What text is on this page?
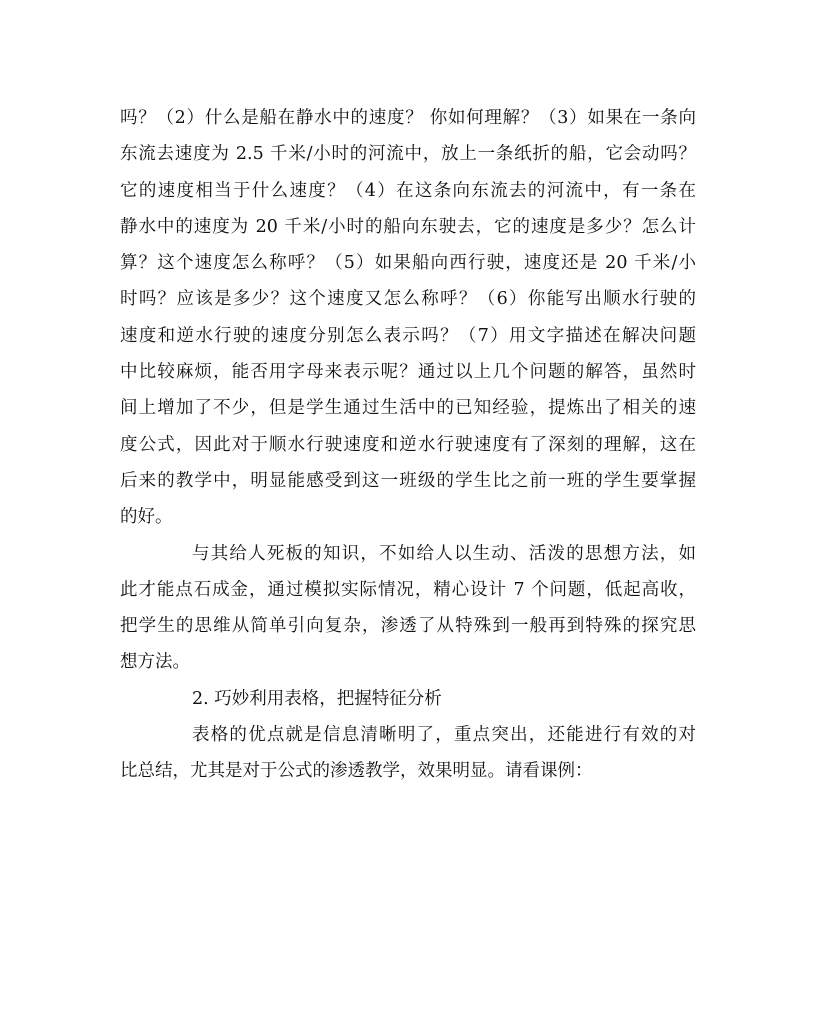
吗？（2）什么是船在静水中的速度？ 你如何理解？（3）如果在一条向
东流去速度为 2.5 千米/小时的河流中，放上一条纸折的船，它会动吗？
它的速度相当于什么速度？（4）在这条向东流去的河流中，有一条在
静水中的速度为 20 千米/小时的船向东驶去，它的速度是多少？怎么计
算？这个速度怎么称呼？（5）如果船向西行驶，速度还是 20 千米/小
时吗？应该是多少？这个速度又怎么称呼？（6）你能写出顺水行驶的
速度和逆水行驶的速度分别怎么表示吗？（7）用文字描述在解决问题
中比较麻烦，能否用字母来表示呢？通过以上几个问题的解答，虽然时
间上增加了不少，但是学生通过生活中的已知经验，提炼出了相关的速
度公式，因此对于顺水行驶速度和逆水行驶速度有了深刻的理解，这在
后来的教学中，明显能感受到这一班级的学生比之前一班的学生要掌握
的好。
与其给人死板的知识，不如给人以生动、活泼的思想方法，如
此才能点石成金，通过模拟实际情况，精心设计 7 个问题，低起高收，
把学生的思维从简单引向复杂，渗透了从特殊到一般再到特殊的探究思
想方法。
2. 巧妙利用表格，把握特征分析
表格的优点就是信息清晰明了，重点突出，还能进行有效的对
比总结，尤其是对于公式的渗透教学，效果明显。请看课例：
